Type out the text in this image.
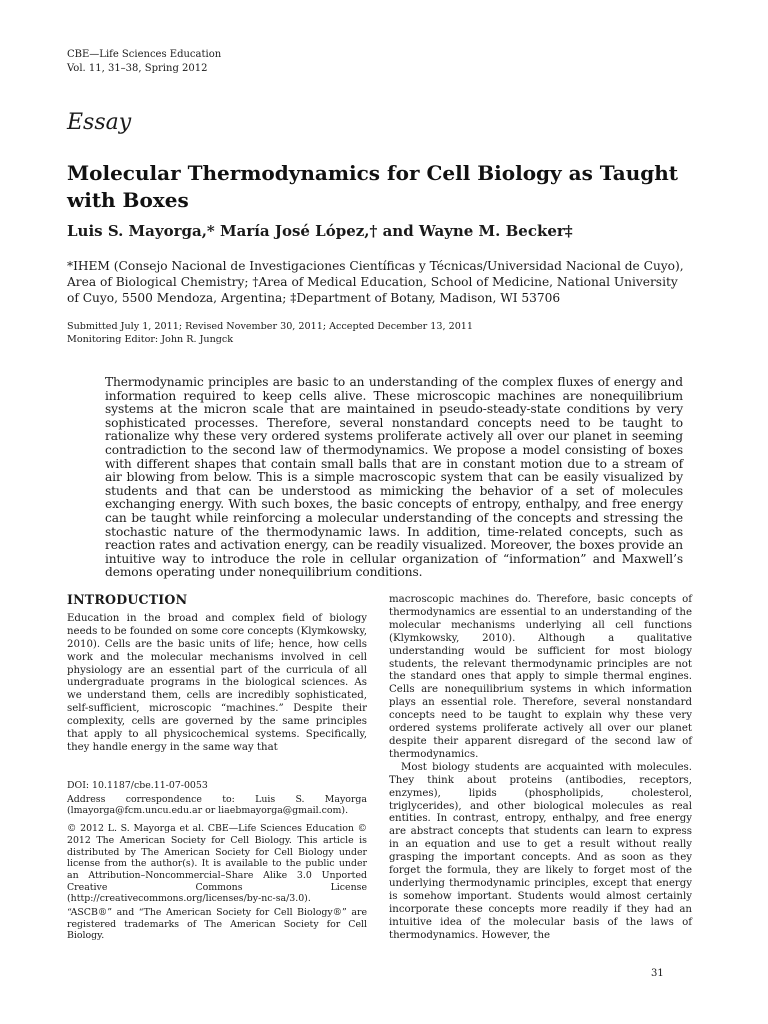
CBE—Life Sciences Education
Vol. 11, 31–38, Spring 2012
Essay
Molecular Thermodynamics for Cell Biology as Taught with Boxes
Luis S. Mayorga,* María José López,† and Wayne M. Becker‡
*IHEM (Consejo Nacional de Investigaciones Científicas y Técnicas/Universidad Nacional de Cuyo), Area of Biological Chemistry; †Area of Medical Education, School of Medicine, National University of Cuyo, 5500 Mendoza, Argentina; ‡Department of Botany, Madison, WI 53706
Submitted July 1, 2011; Revised November 30, 2011; Accepted December 13, 2011
Monitoring Editor: John R. Jungck
Thermodynamic principles are basic to an understanding of the complex fluxes of energy and information required to keep cells alive. These microscopic machines are nonequilibrium systems at the micron scale that are maintained in pseudo-steady-state conditions by very sophisticated processes. Therefore, several nonstandard concepts need to be taught to rationalize why these very ordered systems proliferate actively all over our planet in seeming contradiction to the second law of thermodynamics. We propose a model consisting of boxes with different shapes that contain small balls that are in constant motion due to a stream of air blowing from below. This is a simple macroscopic system that can be easily visualized by students and that can be understood as mimicking the behavior of a set of molecules exchanging energy. With such boxes, the basic concepts of entropy, enthalpy, and free energy can be taught while reinforcing a molecular understanding of the concepts and stressing the stochastic nature of the thermodynamic laws. In addition, time-related concepts, such as reaction rates and activation energy, can be readily visualized. Moreover, the boxes provide an intuitive way to introduce the role in cellular organization of “information” and Maxwell’s demons operating under nonequilibrium conditions.
INTRODUCTION

Education in the broad and complex field of biology needs to be founded on some core concepts (Klymkowsky, 2010). Cells are the basic units of life; hence, how cells work and the molecular mechanisms involved in cell physiology are an essential part of the curricula of all undergraduate programs in the biological sciences. As we understand them, cells are incredibly sophisticated, self-sufficient, microscopic “machines.” Despite their complexity, cells are governed by the same principles that apply to all physicochemical systems. Specifically, they handle energy in the same way that

DOI: 10.1187/cbe.11-07-0053

Address correspondence to: Luis S. Mayorga (lmayorga@fcm.uncu.edu.ar or liaebmayorga@gmail.com).

© 2012 L. S. Mayorga et al. CBE—Life Sciences Education © 2012 The American Society for Cell Biology. This article is distributed by The American Society for Cell Biology under license from the author(s). It is available to the public under an Attribution–Noncommercial–Share Alike 3.0 Unported Creative Commons License (http://creativecommons.org/licenses/by-nc-sa/3.0).

“ASCB®” and “The American Society for Cell Biology®” are registered trademarks of The American Society for Cell Biology.

macroscopic machines do. Therefore, basic concepts of thermodynamics are essential to an understanding of the molecular mechanisms underlying all cell functions (Klymkowsky, 2010). Although a qualitative understanding would be sufficient for most biology students, the relevant thermodynamic principles are not the standard ones that apply to simple thermal engines. Cells are nonequilibrium systems in which information plays an essential role. Therefore, several nonstandard concepts need to be taught to explain why these very ordered systems proliferate actively all over our planet despite their apparent disregard of the second law of thermodynamics.

Most biology students are acquainted with molecules. They think about proteins (antibodies, receptors, enzymes), lipids (phospholipids, cholesterol, triglycerides), and other biological molecules as real entities. In contrast, entropy, enthalpy, and free energy are abstract concepts that students can learn to express in an equation and use to get a result without really grasping the important concepts. And as soon as they forget the formula, they are likely to forget most of the underlying thermodynamic principles, except that energy is somehow important. Students would almost certainly incorporate these concepts more readily if they had an intuitive idea of the molecular basis of the laws of thermodynamics. However, the

31
